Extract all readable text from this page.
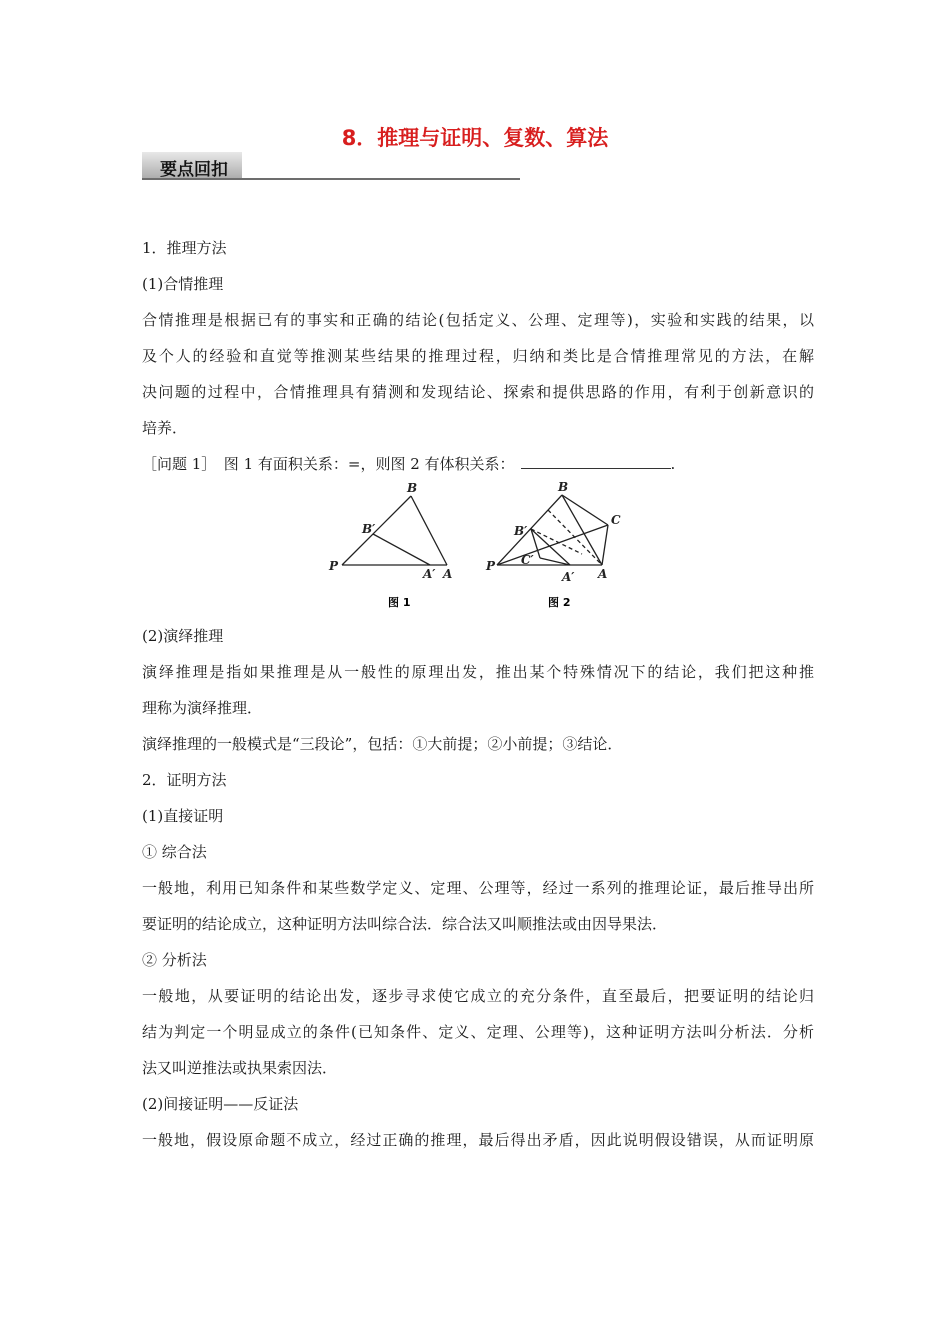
8．推理与证明、复数、算法
要点回扣
1．推理方法
(1)合情推理
合情推理是根据已有的事实和正确的结论(包括定义、公理、定理等)，实验和实践的结果，以
及个人的经验和直觉等推测某些结果的推理过程，归纳和类比是合情推理常见的方法，在解
决问题的过程中，合情推理具有猜测和发现结论、探索和提供思路的作用，有利于创新意识的
培养．
［问题 1］　图 1 有面积关系：=，则图 2 有体积关系：	.
B
B′
P
A′ A
图 1
B
C
B′
C′
P
A′ A
图 2
(2)演绎推理
演绎推理是指如果推理是从一般性的原理出发，推出某个特殊情况下的结论，我们把这种推
理称为演绎推理．
演绎推理的一般模式是“三段论”，包括：①大前提；②小前提；③结论．
2．证明方法
(1)直接证明
① 综合法
一般地，利用已知条件和某些数学定义、定理、公理等，经过一系列的推理论证，最后推导出所
要证明的结论成立，这种证明方法叫综合法．综合法又叫顺推法或由因导果法．
② 分析法
一般地，从要证明的结论出发，逐步寻求使它成立的充分条件，直至最后，把要证明的结论归
结为判定一个明显成立的条件(已知条件、定义、定理、公理等)，这种证明方法叫分析法．分析
法又叫逆推法或执果索因法．
(2)间接证明——反证法
一般地，假设原命题不成立，经过正确的推理，最后得出矛盾，因此说明假设错误，从而证明原
